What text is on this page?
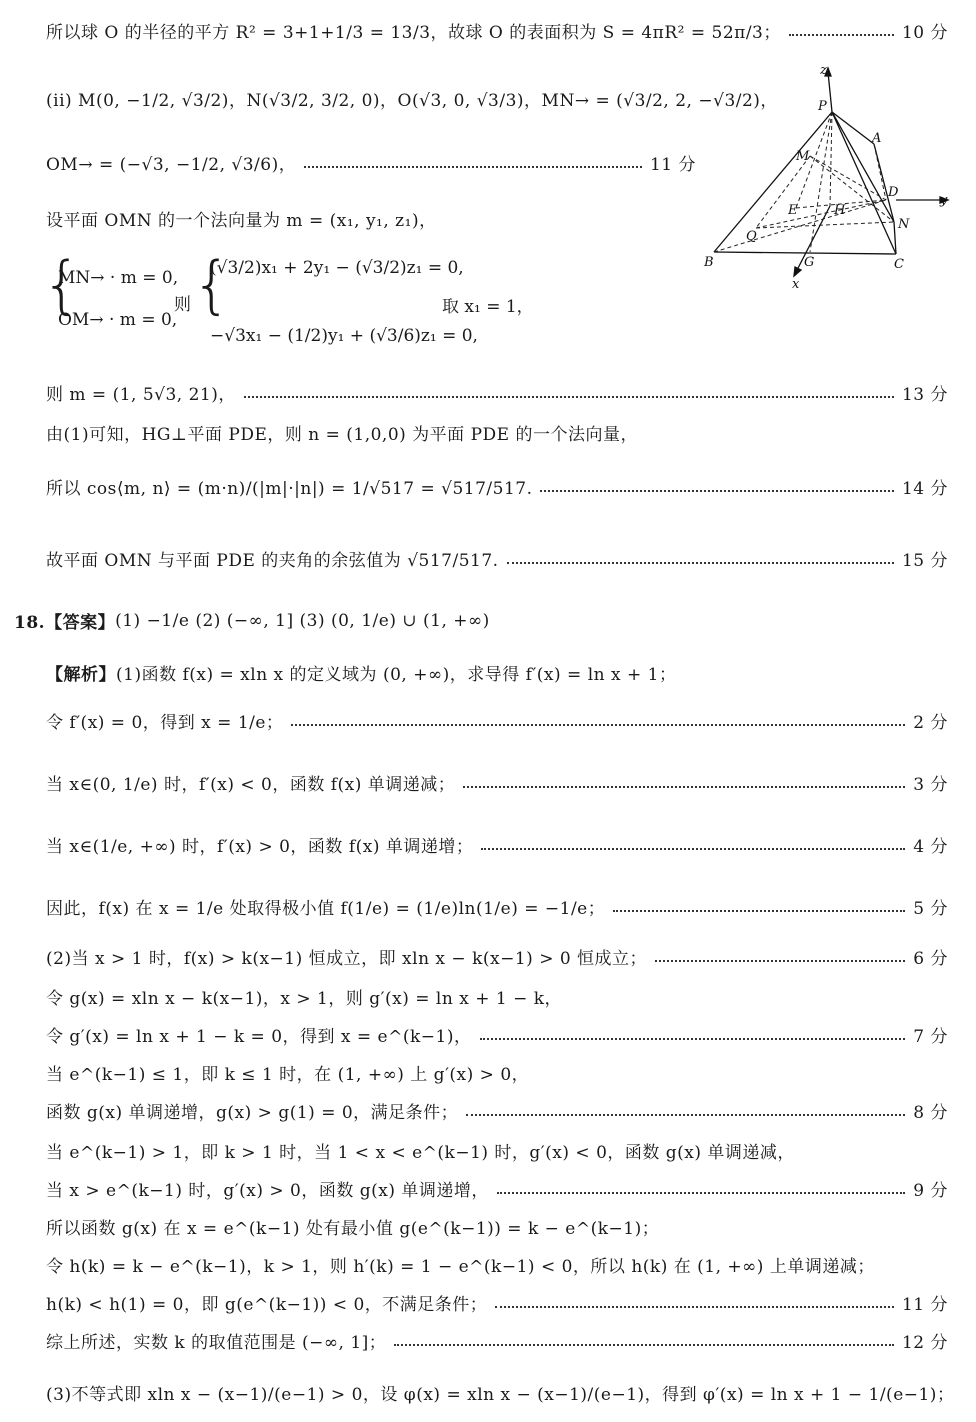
所以球 O 的半径的平方 R² = 3+1+1/3 = 13/3，故球 O 的表面积为 S = 4πR² = 52π/3；	10 分
(ii) M(0, −1/2, √3/2)，N(√3/2, 3/2, 0)，O(√3, 0, √3/3)，MN→ = (√3/2, 2, −√3/2)，
OM→ = (−√3, −1/2, √3/6)，	11 分
设平面 OMN 的一个法向量为 m = (x₁, y₁, z₁)，
{
MN→ · m = 0,
OM→ · m = 0,
则 {
(√3/2)x₁ + 2y₁ − (√3/2)z₁ = 0,
−√3x₁ − (1/2)y₁ + (√3/6)z₁ = 0,
取 x₁ = 1，
则 m = (1, 5√3, 21)，	13 分
由(1)可知，HG⊥平面 PDE，则 n = (1,0,0) 为平面 PDE 的一个法向量，
所以 cos⟨m, n⟩ = (m·n)/(|m|·|n|) = 1/√517 = √517/517.	14 分
故平面 OMN 与平面 PDE 的夹角的余弦值为 √517/517.	15 分
18.【答案】 (1) −1/e (2) (−∞, 1] (3) (0, 1/e) ∪ (1, +∞)
【解析】 (1)函数 f(x) = xln x 的定义域为 (0, +∞)，求导得 f′(x) = ln x + 1；
令 f′(x) = 0，得到 x = 1/e；	2 分
当 x∈(0, 1/e) 时，f′(x) < 0，函数 f(x) 单调递减；	3 分
当 x∈(1/e, +∞) 时，f′(x) > 0，函数 f(x) 单调递增；	4 分
因此，f(x) 在 x = 1/e 处取得极小值 f(1/e) = (1/e)ln(1/e) = −1/e；	5 分
(2)当 x > 1 时，f(x) > k(x−1) 恒成立，即 xln x − k(x−1) > 0 恒成立；	6 分
令 g(x) = xln x − k(x−1)，x > 1，则 g′(x) = ln x + 1 − k，
令 g′(x) = ln x + 1 − k = 0，得到 x = e^(k−1)，	7 分
当 e^(k−1) ≤ 1，即 k ≤ 1 时，在 (1, +∞) 上 g′(x) > 0，
函数 g(x) 单调递增，g(x) > g(1) = 0，满足条件；	8 分
当 e^(k−1) > 1，即 k > 1 时，当 1 < x < e^(k−1) 时，g′(x) < 0，函数 g(x) 单调递减，
当 x > e^(k−1) 时，g′(x) > 0，函数 g(x) 单调递增，	9 分
所以函数 g(x) 在 x = e^(k−1) 处有最小值 g(e^(k−1)) = k − e^(k−1)；
令 h(k) = k − e^(k−1)，k > 1，则 h′(k) = 1 − e^(k−1) < 0，所以 h(k) 在 (1, +∞) 上单调递减；
h(k) < h(1) = 0，即 g(e^(k−1)) < 0，不满足条件；	11 分
综上所述，实数 k 的取值范围是 (−∞, 1]；	12 分
(3)不等式即 xln x − (x−1)/(e−1) > 0，设 φ(x) = xln x − (x−1)/(e−1)，得到 φ′(x) = ln x + 1 − 1/(e−1)；
z
P
M
A
D
y
E	H
N
Q
B	G	C
x
